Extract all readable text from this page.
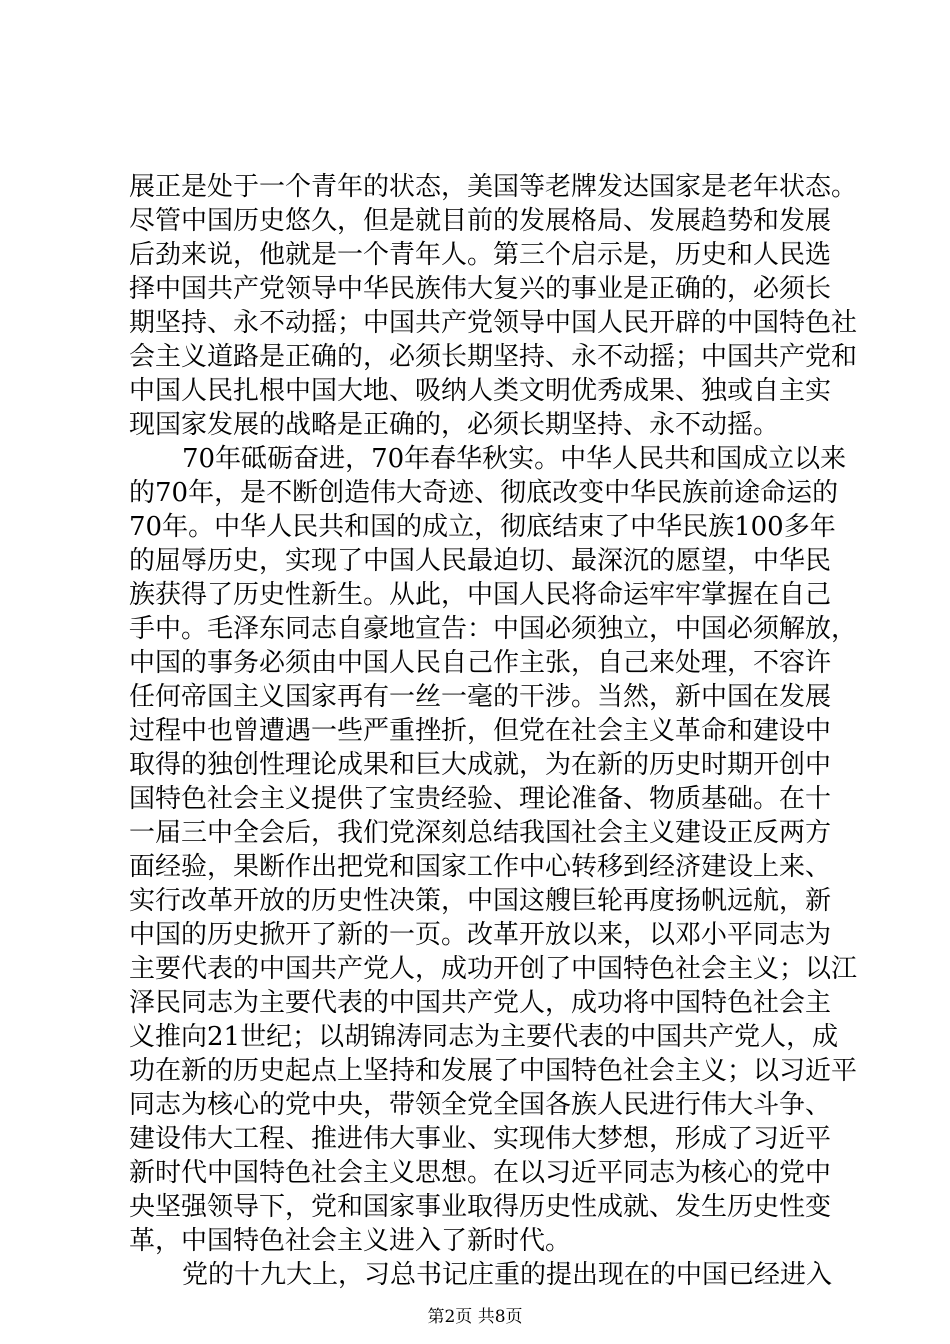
展正是处于一个青年的状态，美国等老牌发达国家是老年状态。
尽管中国历史悠久，但是就目前的发展格局、发展趋势和发展
后劲来说，他就是一个青年人。第三个启示是，历史和人民选
择中国共产党领导中华民族伟大复兴的事业是正确的，必须长
期坚持、永不动摇；中国共产党领导中国人民开辟的中国特色社
会主义道路是正确的，必须长期坚持、永不动摇；中国共产党和
中国人民扎根中国大地、吸纳人类文明优秀成果、独或自主实
现国家发展的战略是正确的，必须长期坚持、永不动摇。
70年砥砺奋进，70年春华秋实。中华人民共和国成立以来
的70年，是不断创造伟大奇迹、彻底改变中华民族前途命运的
70年。中华人民共和国的成立，彻底结束了中华民族100多年
的屈辱历史，实现了中国人民最迫切、最深沉的愿望，中华民
族获得了历史性新生。从此，中国人民将命运牢牢掌握在自己
手中。毛泽东同志自豪地宣告：中国必须独立，中国必须解放，
中国的事务必须由中国人民自己作主张，自己来处理，不容许
任何帝国主义国家再有一丝一毫的干涉。当然，新中国在发展
过程中也曾遭遇一些严重挫折，但党在社会主义革命和建设中
取得的独创性理论成果和巨大成就，为在新的历史时期开创中
国特色社会主义提供了宝贵经验、理论准备、物质基础。在十
一届三中全会后，我们党深刻总结我国社会主义建设正反两方
面经验，果断作出把党和国家工作中心转移到经济建设上来、
实行改革开放的历史性决策，中国这艘巨轮再度扬帆远航，新
中国的历史掀开了新的一页。改革开放以来，以邓小平同志为
主要代表的中国共产党人，成功开创了中国特色社会主义；以江
泽民同志为主要代表的中国共产党人，成功将中国特色社会主
义推向21世纪；以胡锦涛同志为主要代表的中国共产党人，成
功在新的历史起点上坚持和发展了中国特色社会主义；以习近平
同志为核心的党中央，带领全党全国各族人民进行伟大斗争、
建设伟大工程、推进伟大事业、实现伟大梦想，形成了习近平
新时代中国特色社会主义思想。在以习近平同志为核心的党中
央坚强领导下，党和国家事业取得历史性成就、发生历史性变
革，中国特色社会主义进入了新时代。
党的十九大上，习总书记庄重的提出现在的中国已经进入
第2页 共8页
